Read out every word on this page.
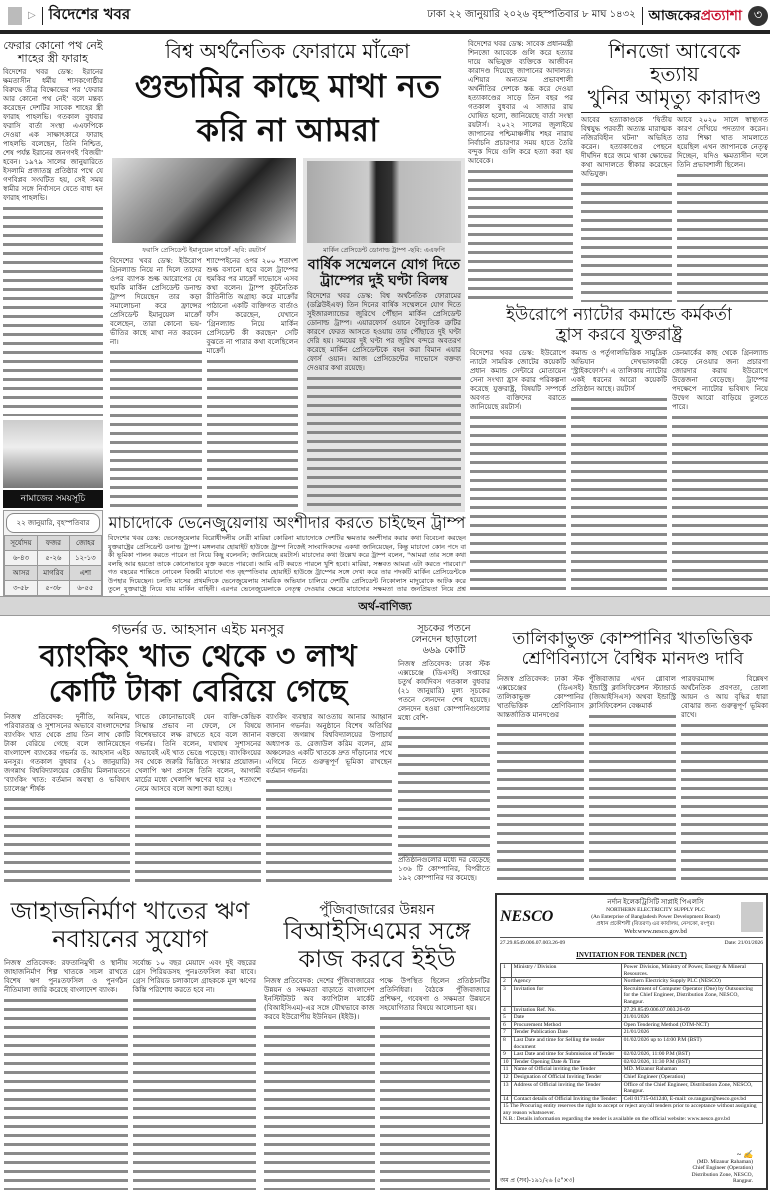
▷ বিদেশের খবর	ঢাকা ২২ জানুয়ারি ২০২৬ বৃহস্পতিবার ৮ মাঘ ১৪৩২ আজকেরপ্রত্যাশা ৩
ফেরার কোনো পথ নেই
শাহের স্ত্রী ফারাহ

বিদেশের খবর ডেস্ক: ইরানের ক্ষমতাসীন ধর্মীয় শাসকগোষ্ঠীর বিরুদ্ধে তীব্র বিক্ষোভের পর 'ফেরার আর কোনো পথ নেই' বলে মন্তব্য করেছেন দেশটির সাবেক শাহের স্ত্রী ফারাহ পাহলভি। গতকাল বুধবার ফরাসি বার্তা সংস্থা এএফপিকে দেওয়া এক সাক্ষাৎকারে ফারাহ পাহলভি বলেছেন, তিনি নিশ্চিত, শেষ পর্যন্ত ইরানের জনগণই 'বিজয়ী' হবেন। ১৯৭৯ সালের জানুয়ারিতে ইসলামি প্রজাতন্ত্র প্রতিষ্ঠার পথে যে গণবিপ্লব সংঘটিত হয়, সেই সময় স্বামীর সঙ্গে নির্বাসনে যেতে বাধ্য হন ফারাহ পাহলভি।

নামাজের সময়সূচি
২২ জানুয়ারি, বৃহস্পতিবার
সূর্যোদয়	ফজর	জোহর
৬-৪৩	৫-২৬	১২-১৩
আসর	মাগরিব	এশা
৩-৫৮	৫-৩৮	৬-৫৫
বিশ্ব অর্থনৈতিক ফোরামে মাঁক্রো
গুন্ডামির কাছে মাথা নত
করি না আমরা
ফরাসি প্রেসিডেন্ট ইমানুয়েল মাক্রোঁ -ছবি: রয়টার্স

বিদেশের খবর ডেস্ক: ইউরোপ গ্রিনল্যান্ড নিয়ে না দিলে তাদের ওপর ব্যাপক শুল্ক আরোপের যে হুমকি মার্কিন প্রেসিডেন্ট ডনাল্ড ট্রাম্প দিয়েছেন তার কড়া সমালোচনা করে ফ্রান্সের প্রেসিডেন্ট ইমানুয়েল মাক্রোঁ বলেছেন, তারা কোনো ভয়-ভীতির কাছে মাথা নত করবেন না।

শ্যাম্পেইনের ওপর ২০০ শতাংশ শুল্ক বসানো হবে বলে ট্রাম্পের হুমকির পর মাক্রোঁ দাভোসে এসব কথা বলেন। ট্রাম্প কূটনৈতিক রীতিনীতি অগ্রাহ্য করে মাক্রোঁর পাঠানো একটি ব্যক্তিগত বার্তাও ফাঁস করেছেন, যেখানে 'গ্রিনল্যান্ড নিয়ে মার্কিন প্রেসিডেন্ট কী করছেন' সেটি বুঝতে না পারার কথা বলেছিলেন মাক্রোঁ।

মার্কিন প্রেসিডেন্ট ডোনাল্ড ট্রাম্প -ছবি: এএফপি
বার্ষিক সম্মেলনে যোগ দিতে
ট্রাম্পের দুই ঘণ্টা বিলম্ব

বিদেশের খবর ডেস্ক: বিশ্ব অর্থনৈতিক ফোরামের (ডব্লিউইএফ) তিন দিনের বার্ষিক সম্মেলনে যোগ দিতে সুইজারল্যান্ডের জুরিখে পৌঁছান মার্কিন প্রেসিডেন্ট ডোনাল্ড ট্রাম্প। এয়ারফোর্স ওয়ানে বৈদ্যুতিক ত্রুটির কারণে ফেরত আসতে হওয়ায় তার পৌঁছাতে দুই ঘণ্টা দেরি হয়। সময়ের দুই ঘণ্টা পর জুরিখ বন্দরে অবতরণ করেছে মার্কিন প্রেসিডেন্টকে বহন করা বিমান এয়ার ফোর্স ওয়ান। আজ প্রেসিডেন্টের দাভোসে বক্তব্য দেওয়ার কথা রয়েছে।

বিদেশের খবর ডেস্ক: সাবেক প্রধানমন্ত্রী শিনজো আবেকে গুলি করে হত্যার দায়ে অভিযুক্ত ব্যক্তিকে আজীবন কারাদণ্ড দিয়েছে জাপানের আদালত। এশিয়ার অন্যতম প্রভাবশালী অর্থনীতির দেশকে স্তব্ধ করে দেওয়া হত্যাকাণ্ডের সাড়ে তিন বছর পর গতকাল বুধবার এ সাজার রায় ঘোষিত হলো, জানিয়েছে বার্তা সংস্থা রয়টার্স। ২০২২ সালের জুলাইয়ে জাপানের পশ্চিমাঞ্চলীয় শহর নারায় নির্বাচনি প্রচারণার সময় হাতে তৈরি বন্দুক দিয়ে গুলি করে হত্যা করা হয় আবেকে।

শিনজো আবেকে হত্যায়
খুনির আমৃত্যু কারাদণ্ড

আবের হত্যাকাণ্ডকে 'দ্বিতীয় বিশ্বযুদ্ধ পরবর্তী অত্যন্ত মারাত্মক নজিরবিহীন ঘটনা' অভিহিত করেন। হত্যাকাণ্ডের পেছনে দীর্ঘদিন ধরে জমে থাকা ক্ষোভের কথা আদালতে স্বীকার করেছেন অভিযুক্ত।

আবে ২০২০ সালে স্বাস্থ্যগত কারণ দেখিয়ে পদত্যাগ করেন। তার শিক্ষা খাত সামলাতে হয়েছিল এখন জাপানকে নেতৃত্ব দিচ্ছেন, যদিও ক্ষমতাসীন দলে তিনি প্রভাবশালী ছিলেন।

ইউরোপে ন্যাটোর কমান্ডে কর্মকর্তা
হ্রাস করবে যুক্তরাষ্ট্র

বিদেশের খবর ডেস্ক: ইউরোপে ন্যাটো সামরিক জোটের কয়েকটি প্রধান কমান্ড সেন্টারে মোতায়েন সেনা সংখ্যা হ্রাস করার পরিকল্পনা করেছে যুক্তরাষ্ট্র, বিষয়টি সম্পর্কে অবগত ব্যক্তিদের বরাতে জানিয়েছে রয়টার্স।

কমান্ড ও পর্তুগালভিত্তিক সামুদ্রিক অভিযান দেখভালকারী 'স্ট্রাইকফোর্স'। এ তালিকায় ন্যাটোর একই ধরনের আরো কয়েকটি প্রতিষ্ঠান আছে। রয়টার্স

ডেনমার্কের কাছ থেকে গ্রিনল্যান্ড কেড়ে নেওয়ার জন্য প্রচারণা জোরদার করায় ইউরোপে উত্তেজনা বেড়েছে। ট্রাম্পের পদক্ষেপে ন্যাটোর ভবিষ্যৎ নিয়ে উদ্বেগ আরো বাড়িয়ে তুলতে পারে।

মাচাদোকে ভেনেজুয়েলায় অংশীদার করতে চাইছেন ট্রাম্প

বিদেশের খবর ডেস্ক: ভেনেজুয়েলার বিরোধীদলীয় নেত্রী মারিয়া কোরিনা মাচাদোকে দেশটির ক্ষমতার অংশীদার করার কথা বিবেচনা করছেন যুক্তরাষ্ট্রের প্রেসিডেন্ট ডনাল্ড ট্রাম্প। মঙ্গলবার হোয়াইট হাউজে ট্রাম্প নিজেই সাংবাদিকদের একথা জানিয়েছেন, কিন্তু মাচাদো কোন পদে বা কী ভূমিকা পালন করতে পারেন তা নিয়ে কিছু বলেননি; জানিয়েছে রয়টার্স। মাচাদোর কথা উল্লেখ করে ট্রাম্প বলেন, "আমরা তার সঙ্গে কথা বলছি আর হয়তো তাকে কোনোভাবে যুক্ত করতে পারবো। আমি এটি করতে পারলে খুশি হবো। মারিয়া, সম্ভবত আমরা এটা করতে পারবো।" গত বছরের শান্তিতে নোবেল বিজয়ী মাচাদো গত বৃহস্পতিবার হোয়াইট হাউজে ট্রাম্পের সঙ্গে দেখা করে তার পদকটি মার্কিন প্রেসিডেন্টকে উপহার দিয়েছেন। চলতি মাসের প্রথমদিকে ভেনেজুয়েলায় সামরিক অভিযান চালিয়ে দেশটির প্রেসিডেন্ট নিকোলাস মাদুরোকে আটক করে তুলে যুক্তরাষ্ট্রে নিয়ে যায় মার্কিন বাহিনী। এরপর ভেনেজুয়েলাকে নেতৃত্ব দেওয়ার ক্ষেত্রে মাচাদোর সক্ষমতা তার জনপ্রিয়তা নিয়ে প্রশ্ন

অর্থ-বাণিজ্য
গভর্নর ড. আহসান এইচ মনসুর
ব্যাংকিং খাত থেকে ৩ লাখ
কোটি টাকা বেরিয়ে গেছে

নিজস্ব প্রতিবেদক: দুর্নীতি, অনিয়ম, পরিবারতন্ত্র ও সুশাসনের অভাবে বাংলাদেশের ব্যাংকিং খাত থেকে প্রায় তিন লাখ কোটি টাকা বেরিয়ে গেছে বলে জানিয়েছেন বাংলাদেশ ব্যাংকের গভর্নর ড. আহসান এইচ মনসুর। গতকাল বুধবার (২১ জানুয়ারি) জগন্নাথ বিশ্ববিদ্যালয়ের কেন্দ্রীয় মিলনায়তনে 'ব্যাংকিং খাত: বর্তমান অবস্থা ও ভবিষ্যৎ চ্যালেঞ্জ' শীর্ষক

খাতে কোনোভাবেই যেন ব্যক্তি-কেন্দ্রিক সিদ্ধান্ত প্রভাব না ফেলে, সে বিষয়ে বিশেষভাবে লক্ষ রাখতে হবে বলে জানান গভর্নর। তিনি বলেন, যথাযথ সুশাসনের অভাবেই এই খাত ভেঙে পড়েছে। ব্যাংকিংয়ের সব থেকে জরুরি ভিত্তিতে সংস্কার প্রয়োজন। খেলাপি ঋণ প্রসঙ্গে তিনি বলেন, আগামী মার্চের মধ্যে খেলাপি ঋণের হার ২৫ শতাংশে নেমে আসবে বলে আশা করা হচ্ছে।

ব্যাংকিং ব্যবস্থার আওতায় আনার আহ্বান জানান গভর্নর। অনুষ্ঠানে বিশেষ অতিথির বক্তব্যে জগন্নাথ বিশ্ববিদ্যালয়ের উপাচার্য অধ্যাপক ড. রেজাউল করিম বলেন, গ্রাম অঞ্চলেরও একটি খাতকে দ্রুত দাঁড়ানোর পথে এগিয়ে নিতে গুরুত্বপূর্ণ ভূমিকা রাখছেন বর্তমান গভর্নর।

সূচকের পতনে
লেনদেন ছাড়ালো
৬৬৯ কোটি

নিজস্ব প্রতিবেদক: ঢাকা স্টক এক্সচেঞ্জে (ডিএসই) সপ্তাহের চতুর্থ কার্যদিবস গতকাল বুধবার (২১ জানুয়ারি) মূল্য সূচকের পতনে লেনদেন শেষ হয়েছে। লেনদেন হওয়া কোম্পানিগুলোর মধ্যে বেশি-

প্রতিষ্ঠানগুলোর মধ্যে দর বেড়েছে ১৩৬ টি কোম্পানির, বিপরীতে ১৯২ কোম্পানির দর কমেছে।

তালিকাভুক্ত কোম্পানির খাতভিত্তিক
শ্রেণিবিন্যাসে বৈশ্বিক মানদণ্ড দাবি

নিজস্ব প্রতিবেদক: ঢাকা স্টক এক্সচেঞ্জের (ডিএসই) তালিকাভুক্ত কোম্পানির খাতভিত্তিক শ্রেণিবিন্যাস আন্তর্জাতিক মানদণ্ডের

পুঁজিবাজার এখন গ্লোবাল ইন্ডাস্ট্রি ক্লাসিফিকেশন স্ট্যান্ডার্ড (জিআইসিএস) অথবা ইন্ডাস্ট্রি ক্লাসিফিকেশন বেঞ্চমার্ক

পারফরম্যান্স বিশ্লেষণ অর্থনৈতিক প্রবণতা, তোলা আয়ন ও আয় বৃদ্ধির ধারা বোঝার জন্য গুরুত্বপূর্ণ ভূমিকা রাখে।

জাহাজনির্মাণ খাতের ঋণ
নবায়নের সুযোগ

নিজস্ব প্রতিবেদক: রফতানিমুখী ও স্থানীয় জাহাজনির্মাণ শিল্প খাতকে সচল রাখতে বিশেষ ঋণ পুনঃতফসিল ও পুনর্গঠন নীতিমালা জারি করেছে বাংলাদেশ ব্যাংক।

সর্বোচ্চ ১০ বছর মেয়াদে এবং দুই বছরের গ্রেস পিরিয়ডসহ পুনঃতফসিল করা যাবে। গ্রেস পিরিয়ড চলাকালে গ্রাহককে মূল ঋণের কিস্তি পরিশোধ করতে হবে না।

পুঁজিবাজারের উন্নয়ন
বিআইসিএমের সঙ্গে
কাজ করবে ইইউ

নিজস্ব প্রতিবেদক: দেশের পুঁজিবাজারের উন্নয়ন ও সক্ষমতা বাড়াতে বাংলাদেশ ইনস্টিটিউট অব ক্যাপিটাল মার্কেট (বিআইসিএম)-এর সঙ্গে যৌথভাবে কাজ করবে ইউরোপীয় ইউনিয়ন (ইইউ)।

পক্ষে উপস্থিত ছিলেন প্রতিষ্ঠানটির প্রতিনিধিরা। বৈঠকে পুঁজিবাজারে প্রশিক্ষণ, গবেষণা ও সক্ষমতা উন্নয়নে সহযোগিতার বিষয়ে আলোচনা হয়।

NESCO
নর্দান ইলেকট্রিসিটি সাপ্লাই পিএলসি
NORTHERN ELECTRICITY SUPPLY PLC
(An Enterprise of Bangladesh Power Development Board)
প্রধান প্রকৌশলী (বিতরণ) এর কার্যালয়, নেসকো, রংপুর।
Web:www.nesco.gov.bd
27.29.8549.006.07.003.26-09	Date: 21/01/2026
INVITATION FOR TENDER (NCT)
1	Ministry / Division	Power Division, Ministry of Power, Energy & Mineral Resources.
2	Agency	Northern Electricity Supply PLC (NESCO)
3	Invitation for	Recruitment of Computer Operator (One) by Outsourcing for the Chief Engineer, Distribution Zone, NESCO, Rangpur.
4	Invitation Ref. No.	27.29.8549.006.07.003.26-09
5	Date	21/01/2026
6	Procurement Method	Open Tendering Method (OTM-NCT)
7	Tender Publication Date	21/01/2026
8	Last Date and time for Selling the tender document	01/02/2026 up to 14:00 P.M (BST)
9	Last Date and time for Submission of Tender	02/02/2026, 11:00 P.M (BST)
10	Tender Opening Date & Time	02/02/2026, 11:30 P.M (BST)
11	Name of Official inviting the Tender	MD. Mizanur Rahaman
12	Designation of Official Inviting Tender	Chief Engineer (Operation)
13	Address of Official inviting the Tender	Office of the Chief Engineer, Distribution Zone, NESCO, Rangpur.
14	Contact details of Official Inviting the Tender:	Cell 01715-041240, E-mail: ce.rangpur@nesco.gov.bd

15 The Procuring entity reserves the right to accept or reject any/all tenders prior to acceptance without assigning any reason whatsoever.
N.B.: Details information regarding the tender is available on the official website: www.nesco.gov.bd		
অম প্র (সব)-১৯১/২৬ (৫"×৩)
~ ✍
(MD. Mizanur Rahaman)
Chief Engineer (Operation)
Distribution Zone, NESCO,
Rangpur.
